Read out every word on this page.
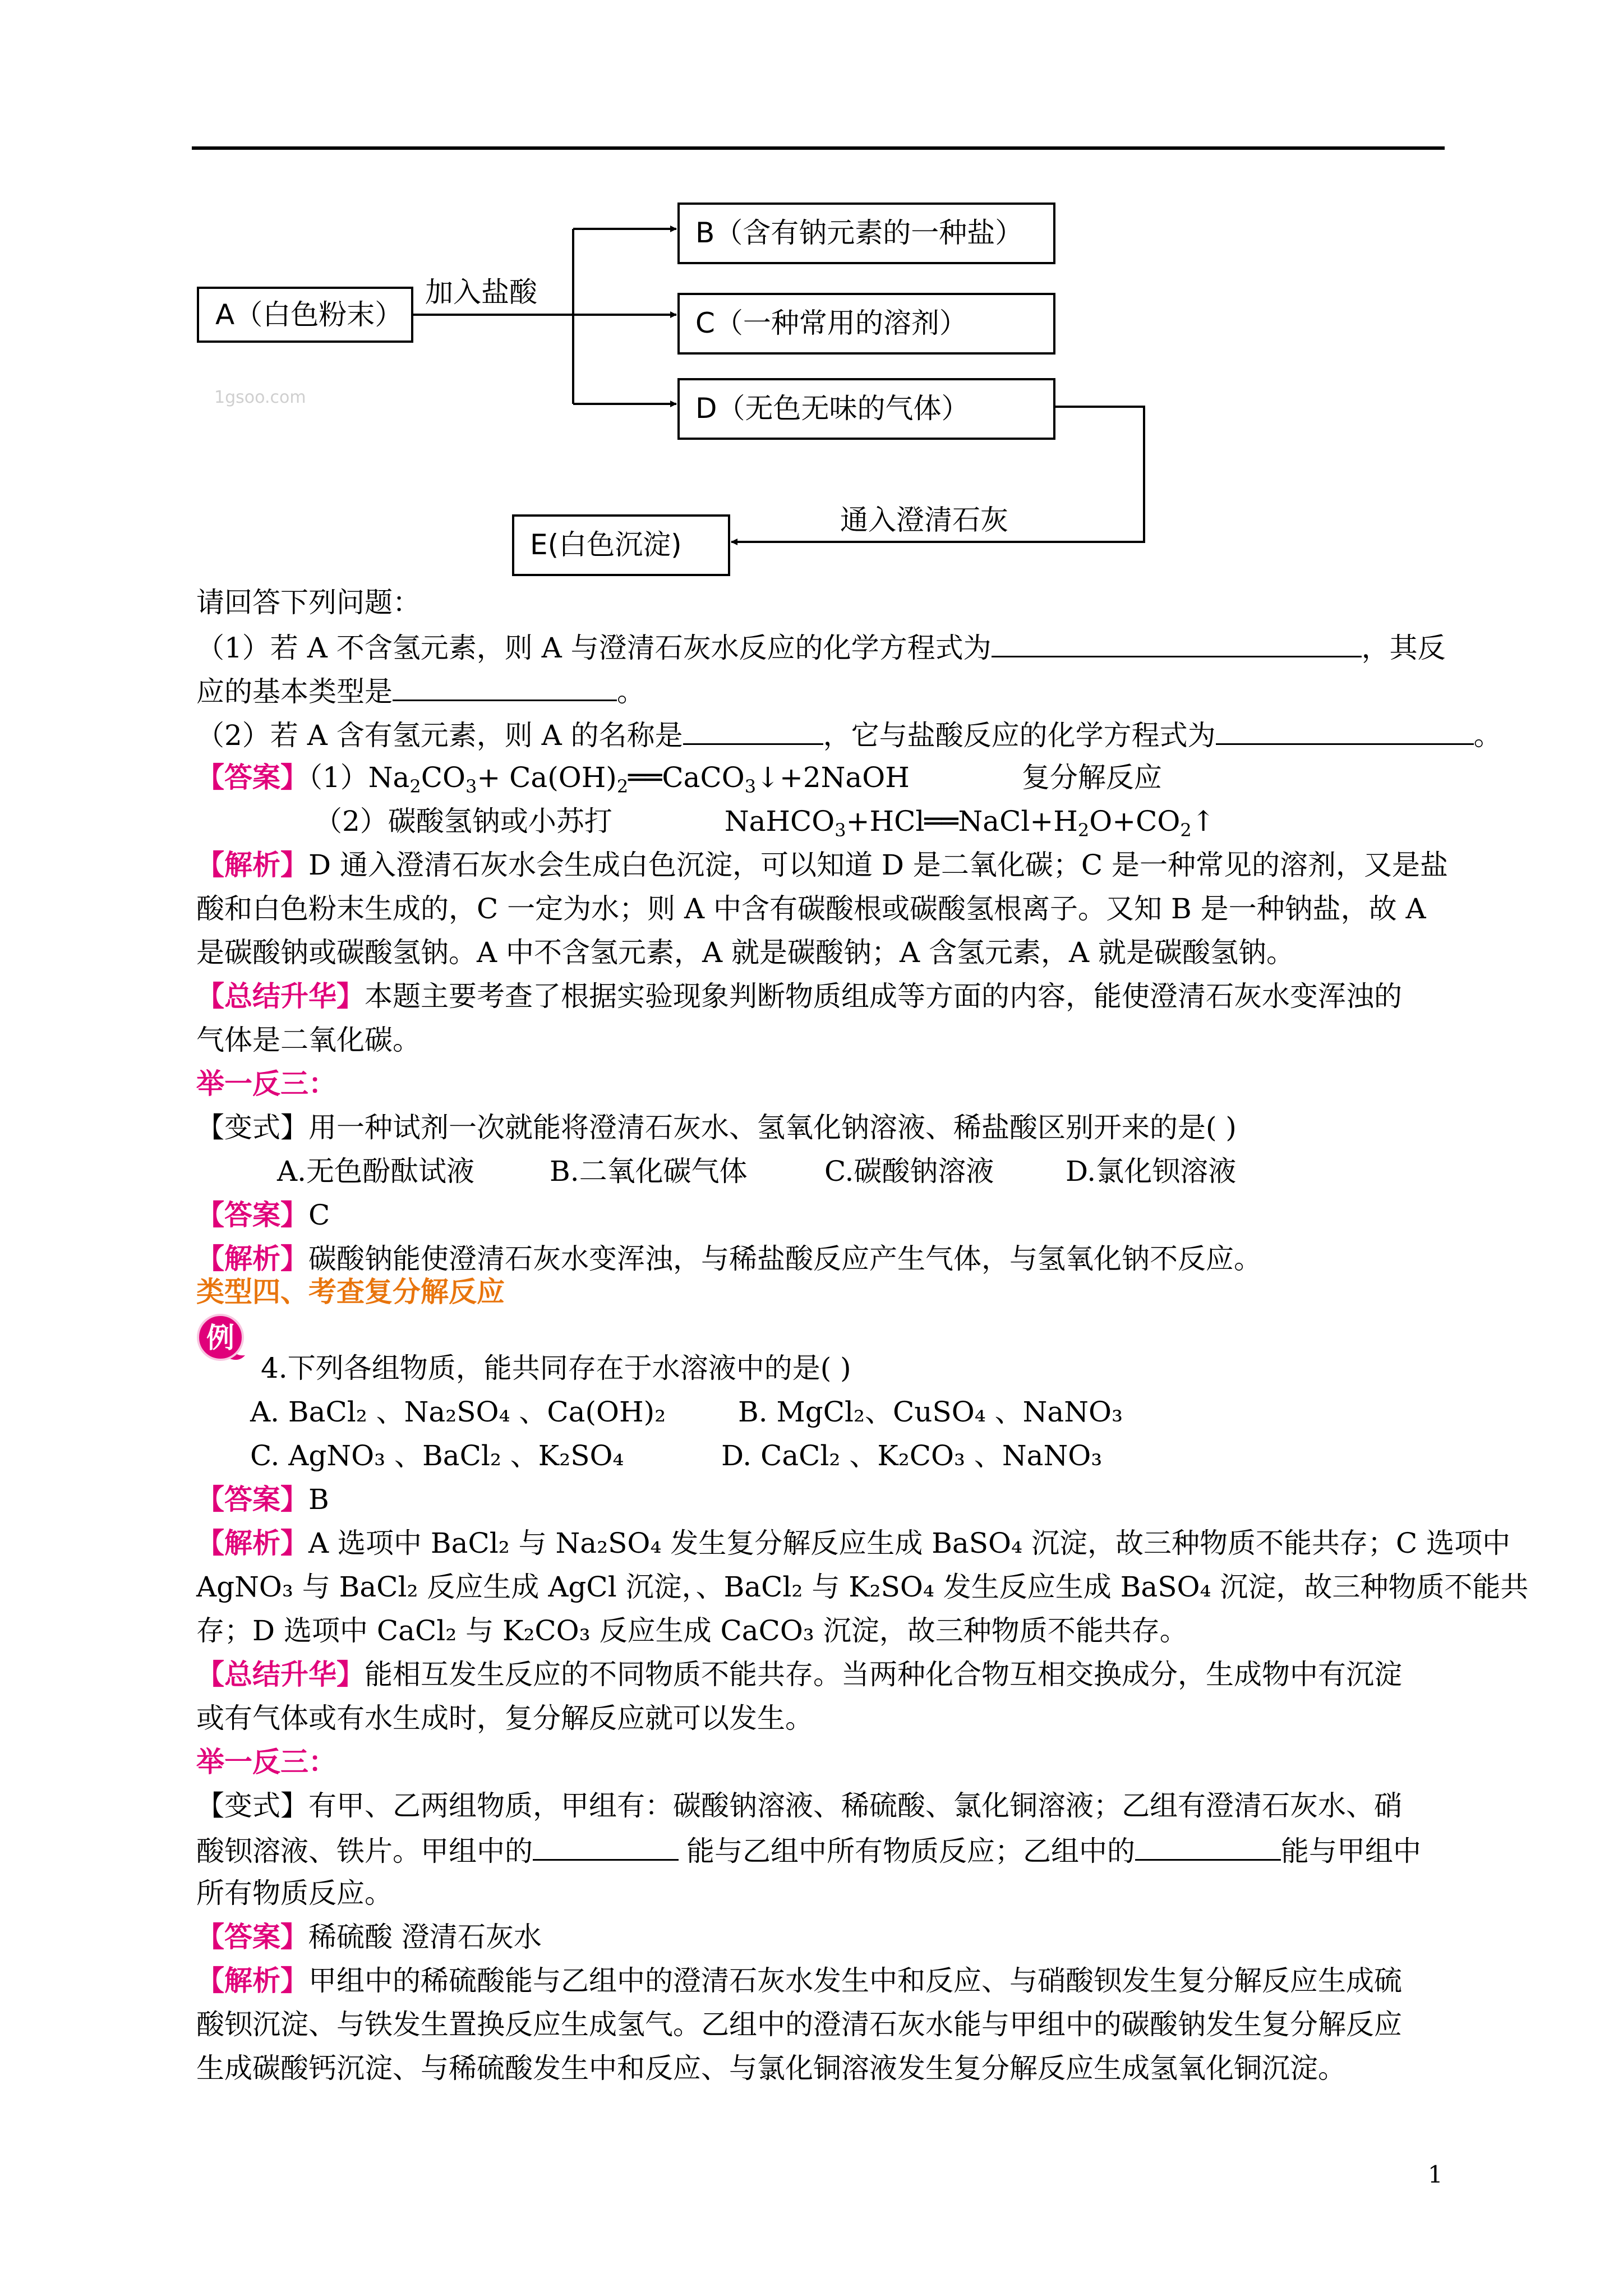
A（白色粉末）
B（含有钠元素的一种盐）
C（一种常用的溶剂）
D（无色无味的气体）
E(白色沉淀)
加入盐酸
1gsoo.com
通入澄清石灰
请回答下列问题：
（1）若 A 不含氢元素，则 A 与澄清石灰水反应的化学方程式为	，其反
应的基本类型是	。
（2）若 A 含有氢元素，则 A 的名称是	，它与盐酸反应的化学方程式为	。
【答案】$(1)Na_2CO_3+$ $Ca(OH)_2══CaCO_3↓+2NaOH$	复分解反应
（2）碳酸氢钠或小苏打	$NaHCO_3+HCl══NaCl+H_2O+CO_2↑$
【解析】D 通入澄清石灰水会生成白色沉淀，可以知道 D 是二氧化碳；C 是一种常见的溶剂，又是盐
酸和白色粉末生成的，C 一定为水；则 A 中含有碳酸根或碳酸氢根离子。又知 B 是一种钠盐，故 A
是碳酸钠或碳酸氢钠。A 中不含氢元素，A 就是碳酸钠；A 含氢元素，A 就是碳酸氢钠。
【总结升华】本题主要考查了根据实验现象判断物质组成等方面的内容，能使澄清石灰水变浑浊的
气体是二氧化碳。
举一反三：
【变式】用一种试剂一次就能将澄清石灰水、氢氧化钠溶液、稀盐酸区别开来的是( )
A.无色酚酞试液	B.二氧化碳气体	C.碳酸钠溶液	D.氯化钡溶液
【答案】C
【解析】碳酸钠能使澄清石灰水变浑浊，与稀盐酸反应产生气体，与氢氧化钠不反应。
类型四、考查复分解反应
例
4.下列各组物质，能共同存在于水溶液中的是( )
A. BaCl₂ 、Na₂SO₄ 、Ca(OH)₂	B. MgCl₂、CuSO₄ 、NaNO₃
C. AgNO₃ 、BaCl₂ 、K₂SO₄	D. CaCl₂ 、K₂CO₃ 、NaNO₃
【答案】B
【解析】A 选项中 BaCl₂ 与 Na₂SO₄ 发生复分解反应生成 BaSO₄ 沉淀，故三种物质不能共存；C 选项中
AgNO₃ 与 BaCl₂ 反应生成 AgCl 沉淀，、BaCl₂ 与 K₂SO₄ 发生反应生成 BaSO₄ 沉淀，故三种物质不能共
存；D 选项中 CaCl₂ 与 K₂CO₃ 反应生成 CaCO₃ 沉淀，故三种物质不能共存。
【总结升华】能相互发生反应的不同物质不能共存。当两种化合物互相交换成分，生成物中有沉淀
或有气体或有水生成时，复分解反应就可以发生。
举一反三：
【变式】有甲、乙两组物质，甲组有：碳酸钠溶液、稀硫酸、氯化铜溶液；乙组有澄清石灰水、硝
酸钡溶液、铁片。甲组中的	能与乙组中所有物质反应；乙组中的	能与甲组中
所有物质反应。
【答案】稀硫酸 澄清石灰水
【解析】甲组中的稀硫酸能与乙组中的澄清石灰水发生中和反应、与硝酸钡发生复分解反应生成硫
酸钡沉淀、与铁发生置换反应生成氢气。乙组中的澄清石灰水能与甲组中的碳酸钠发生复分解反应
生成碳酸钙沉淀、与稀硫酸发生中和反应、与氯化铜溶液发生复分解反应生成氢氧化铜沉淀。
1
